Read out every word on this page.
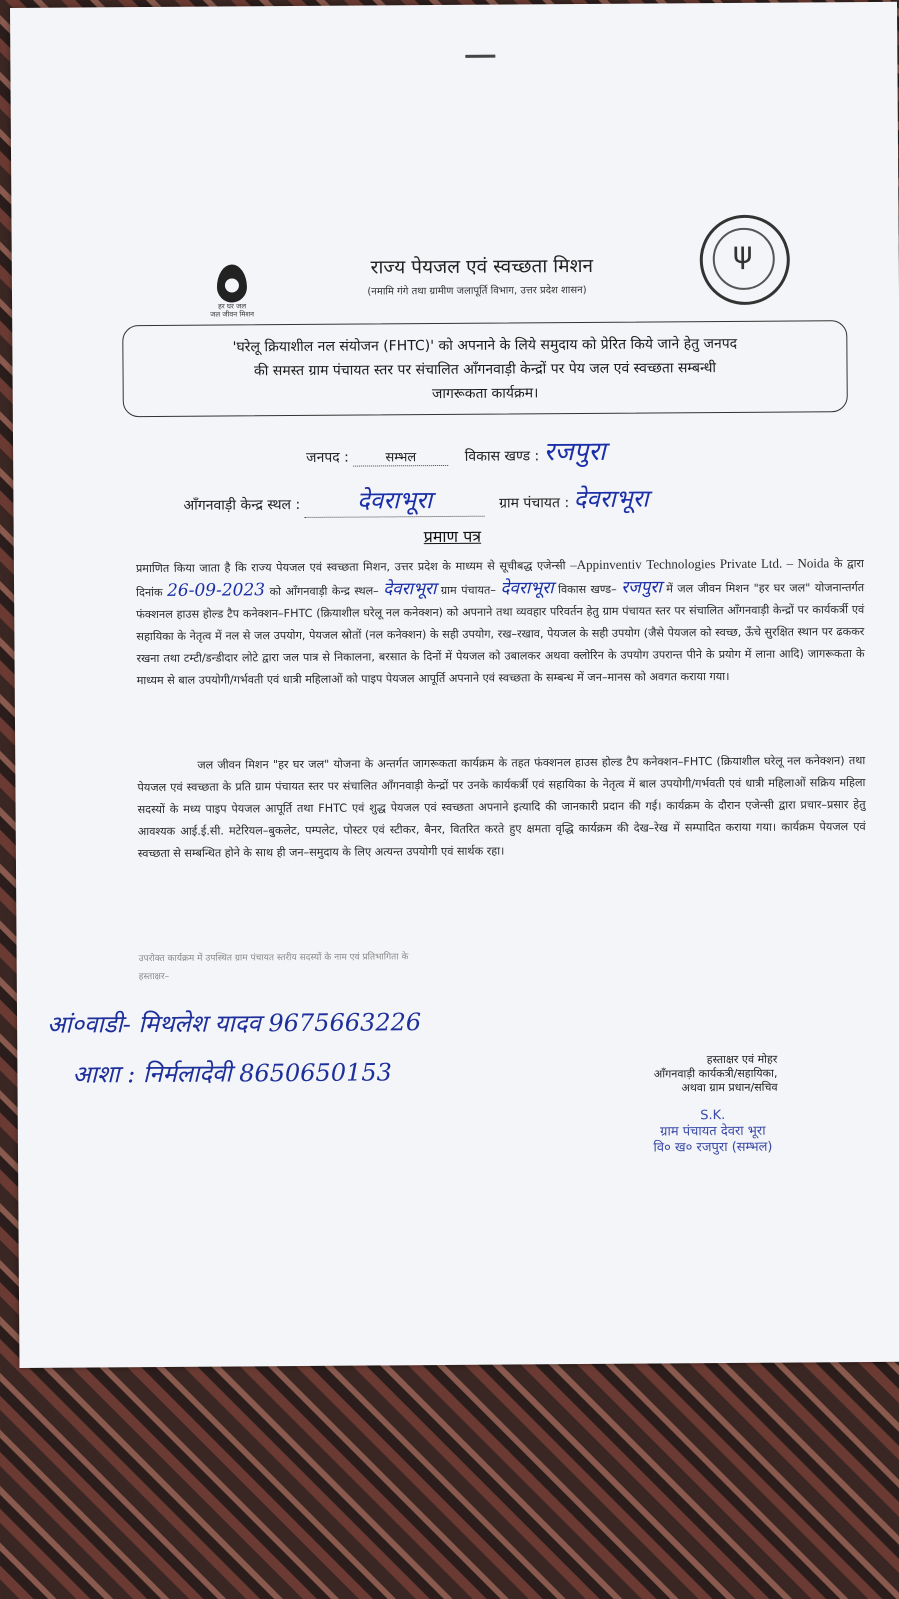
हर घर जल
जल जीवन मिशन
राज्य पेयजल एवं स्वच्छता मिशन
(नमामि गंगे तथा ग्रामीण जलापूर्ति विभाग, उत्तर प्रदेश शासन)
ψ
'घरेलू क्रियाशील नल संयोजन (FHTC)' को अपनाने के लिये समुदाय को प्रेरित किये जाने हेतु जनपद
की समस्त ग्राम पंचायत स्तर पर संचालित आँगनवाड़ी केन्द्रों पर पेय जल एवं स्वच्छता सम्बन्धी
जागरूकता कार्यक्रम।
जनपद :	सम्भल	विकास खण्ड : रजपुरा
आँगनवाड़ी केन्द्र स्थल : देवराभूरा	ग्राम पंचायत : देवराभूरा
प्रमाण पत्र
प्रमाणित किया जाता है कि राज्य पेयजल एवं स्वच्छता मिशन, उत्तर प्रदेश के माध्यम से सूचीबद्ध एजेन्सी –Appinventiv Technologies Private Ltd. – Noida के द्वारा दिनांक 26-09-2023 को आँगनवाड़ी केन्द्र स्थल– देवराभूरा ग्राम पंचायत– देवराभूरा विकास खण्ड– रजपुरा में जल जीवन मिशन "हर घर जल" योजनान्तर्गत फंक्शनल हाउस होल्ड टैप कनेक्शन–FHTC (क्रियाशील घरेलू नल कनेक्शन) को अपनाने तथा व्यवहार परिवर्तन हेतु ग्राम पंचायत स्तर पर संचालित आँगनवाड़ी केन्द्रों पर कार्यकर्त्री एवं सहायिका के नेतृत्व में नल से जल उपयोग, पेयजल स्रोतों (नल कनेक्शन) के सही उपयोग, रख–रखाव, पेयजल के सही उपयोग (जैसे पेयजल को स्वच्छ, ऊँचे सुरक्षित स्थान पर ढककर रखना तथा टम्टी/डन्डीदार लोटे द्वारा जल पात्र से निकालना, बरसात के दिनों में पेयजल को उबालकर अथवा क्लोरिन के उपयोग उपरान्त पीने के प्रयोग में लाना आदि) जागरूकता के माध्यम से बाल उपयोगी/गर्भवती एवं धात्री महिलाओं को पाइप पेयजल आपूर्ति अपनाने एवं स्वच्छता के सम्बन्ध में जन–मानस को अवगत कराया गया।
जल जीवन मिशन "हर घर जल" योजना के अन्तर्गत जागरूकता कार्यक्रम के तहत फंक्शनल हाउस होल्ड टैप कनेक्शन–FHTC (क्रियाशील घरेलू नल कनेक्शन) तथा पेयजल एवं स्वच्छता के प्रति ग्राम पंचायत स्तर पर संचालित आँगनवाड़ी केन्द्रों पर उनके कार्यकर्त्री एवं सहायिका के नेतृत्व में बाल उपयोगी/गर्भवती एवं धात्री महिलाओं सक्रिय महिला सदस्यों के मध्य पाइप पेयजल आपूर्ति तथा FHTC एवं शुद्ध पेयजल एवं स्वच्छता अपनाने इत्यादि की जानकारी प्रदान की गई। कार्यक्रम के दौरान एजेन्सी द्वारा प्रचार–प्रसार हेतु आवश्यक आई.ई.सी. मटेरियल–बुकलेट, पम्पलेट, पोस्टर एवं स्टीकर, बैनर, वितरित करते हुए क्षमता वृद्धि कार्यक्रम की देख–रेख में सम्पादित कराया गया। कार्यक्रम पेयजल एवं स्वच्छता से सम्बन्धित होने के साथ ही जन–समुदाय के लिए अत्यन्त उपयोगी एवं सार्थक रहा।
उपरोक्त कार्यक्रम में उपस्थित ग्राम पंचायत स्तरीय सदस्यों के नाम एवं प्रतिभागिता के
हस्ताक्षर–
आं०वाडी- मिथलेश यादव 9675663226
आशा : निर्मलादेवी 8650650153	हस्ताक्षर एवं मोहर
आँगनवाड़ी कार्यकत्री/सहायिका,
अथवा ग्राम प्रधान/सचिव
S.K.
ग्राम पंचायत देवरा भूरा
वि० ख० रजपुरा (सम्भल)
